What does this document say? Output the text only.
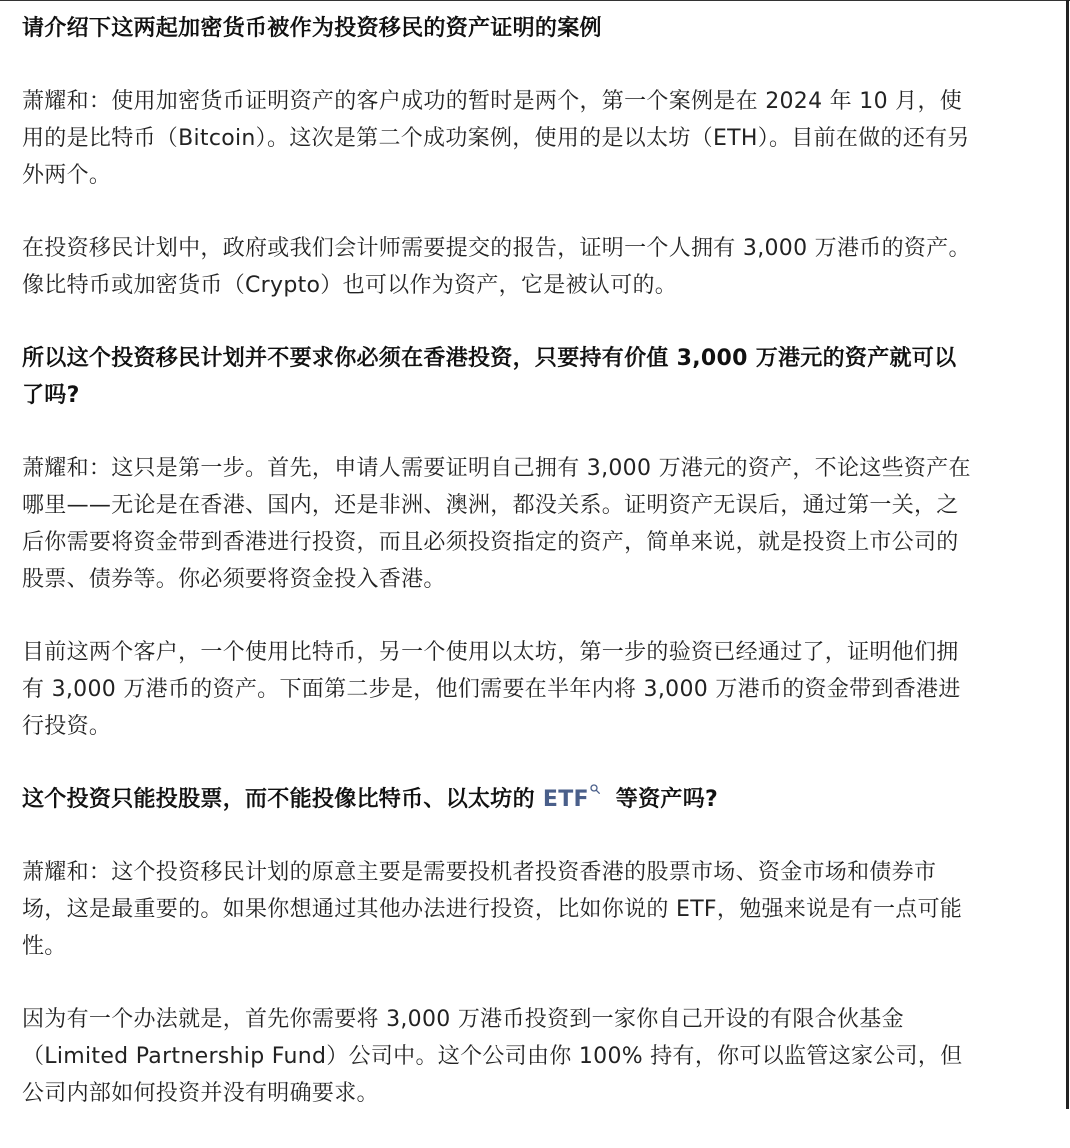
请介绍下这两起加密货币被作为投资移民的资产证明的案例

萧耀和：使用加密货币证明资产的客户成功的暂时是两个，第一个案例是在 2024 年 10 月，使用的是比特币（Bitcoin）。这次是第二个成功案例，使用的是以太坊（ETH）。目前在做的还有另外两个。

在投资移民计划中，政府或我们会计师需要提交的报告，证明一个人拥有 3,000 万港币的资产。像比特币或加密货币（Crypto）也可以作为资产，它是被认可的。

所以这个投资移民计划并不要求你必须在香港投资，只要持有价值 3,000 万港元的资产就可以了吗?

萧耀和：这只是第一步。首先，申请人需要证明自己拥有 3,000 万港元的资产，不论这些资产在哪里——无论是在香港、国内，还是非洲、澳洲，都没关系。证明资产无误后，通过第一关，之后你需要将资金带到香港进行投资，而且必须投资指定的资产，简单来说，就是投资上市公司的股票、债券等。你必须要将资金投入香港。

目前这两个客户，一个使用比特币，另一个使用以太坊，第一步的验资已经通过了，证明他们拥有 3,000 万港币的资产。下面第二步是，他们需要在半年内将 3,000 万港币的资金带到香港进行投资。

这个投资只能投股票，而不能投像比特币、以太坊的 ETF 等资产吗?

萧耀和：这个投资移民计划的原意主要是需要投机者投资香港的股票市场、资金市场和债券市场，这是最重要的。如果你想通过其他办法进行投资，比如你说的 ETF，勉强来说是有一点可能性。

因为有一个办法就是，首先你需要将 3,000 万港币投资到一家你自己开设的有限合伙基金（Limited Partnership Fund）公司中。这个公司由你 100% 持有，你可以监管这家公司，但公司内部如何投资并没有明确要求。
